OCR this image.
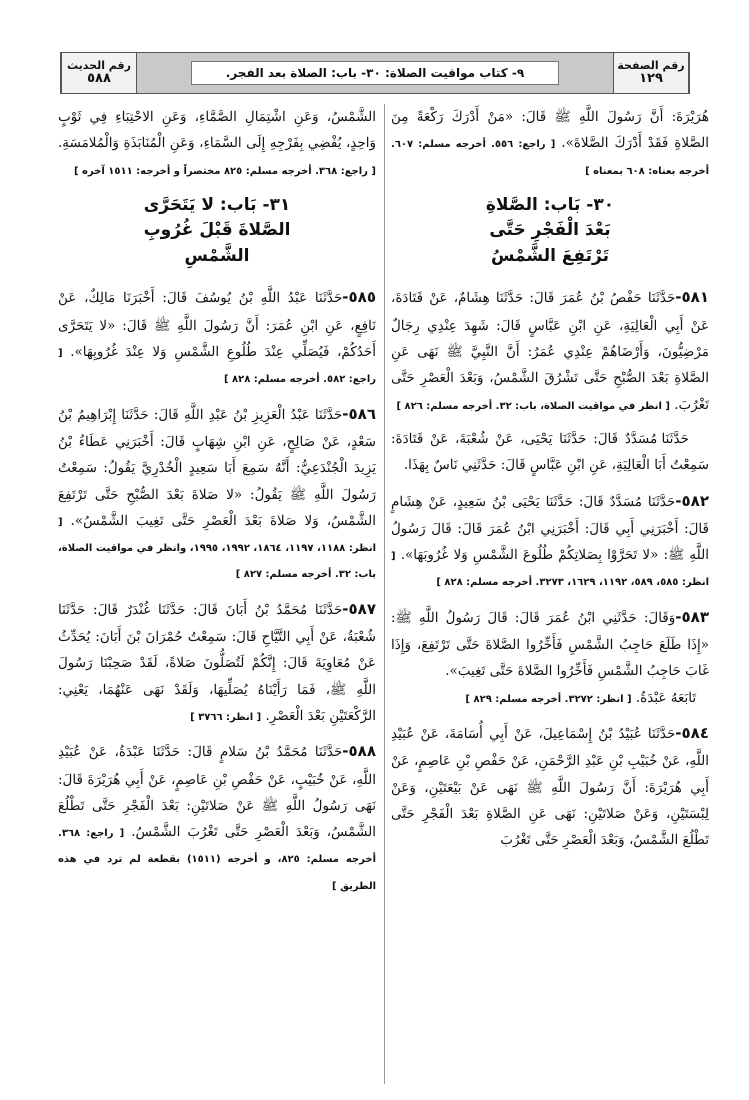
رقم الصفحة
١٢٩
٩- كتاب مواقيت الصلاة: ٣٠- باب: الصلاة بعد الفجر.
رقم الحديث
٥٨٨

هُرَيْرَةَ: أَنَّ رَسُولَ اللَّهِ ﷺ قَالَ: «مَنْ أَدْرَكَ رَكْعَةً مِنَ الصَّلاةِ فَقَدْ أَدْرَكَ الصَّلاةَ». [ راجع: ٥٥٦. أخرجه مسلم: ٦٠٧. أخرجه بعناه: ٦٠٨ بمعناه ]

٣٠- بَاب: الصَّلاةِ
بَعْدَ الْفَجْرِ حَتَّى
تَرْتَفِعَ الشَّمْسُ

٥٨١-حَدَّثَنَا حَفْصُ بْنُ عُمَرَ قَالَ: حَدَّثَنَا هِشَامٌ، عَنْ قَتَادَةَ، عَنْ أَبِي الْعَالِيَةِ، عَنِ ابْنِ عَبَّاسٍ قَالَ: شَهِدَ عِنْدِي رِجَالٌ مَرْضِيُّونَ، وَأَرْضَاهُمْ عِنْدِي عُمَرُ: أَنَّ النَّبِيَّ ﷺ نَهَى عَنِ الصَّلاةِ بَعْدَ الصُّبْحِ حَتَّى تَشْرُقَ الشَّمْسُ، وَبَعْدَ الْعَصْرِ حَتَّى تَغْرُبَ. [ انظر في مواقيت الصلاة، باب: ٣٢. أخرجه مسلم: ٨٢٦ ]

حَدَّثَنَا مُسَدَّدٌ قَالَ: حَدَّثَنَا يَحْيَى، عَنْ شُعْبَةَ، عَنْ قَتَادَةَ: سَمِعْتُ أَبَا الْعَالِيَةِ، عَنِ ابْنِ عَبَّاسٍ قَالَ: حَدَّثَنِي نَاسٌ بِهَذَا.

٥٨٢-حَدَّثَنَا مُسَدَّدٌ قَالَ: حَدَّثَنَا يَحْيَى بْنُ سَعِيدٍ، عَنْ هِشَامٍ قَالَ: أَخْبَرَنِي أَبِي قَالَ: أَخْبَرَنِي ابْنُ عُمَرَ قَالَ: قَالَ رَسُولُ اللَّهِ ﷺ: «لا تَحَرَّوْا بِصَلاتِكُمْ طُلُوعَ الشَّمْسِ وَلا غُرُوبَهَا». [ انظر: ٥٨٥، ٥٨٩، ١١٩٢، ١٦٢٩، ٣٢٧٣. أخرجه مسلم: ٨٢٨ ]

٥٨٣-وَقَالَ: حَدَّثَنِي ابْنُ عُمَرَ قَالَ: قَالَ رَسُولُ اللَّهِ ﷺ: «إِذَا طَلَعَ حَاجِبُ الشَّمْسِ فَأَخِّرُوا الصَّلاةَ حَتَّى تَرْتَفِعَ، وَإِذَا غَابَ حَاجِبُ الشَّمْسِ فَأَخِّرُوا الصَّلاةَ حَتَّى تَغِيبَ».

تَابَعَهُ عَبْدَةُ. [ انظر: ٣٢٧٢. أخرجه مسلم: ٨٢٩ ]

٥٨٤-حَدَّثَنَا عُبَيْدُ بْنُ إِسْمَاعِيلَ، عَنْ أَبِي أُسَامَةَ، عَنْ عُبَيْدِ اللَّهِ، عَنْ خُبَيْبِ بْنِ عَبْدِ الرَّحْمَنِ، عَنْ حَفْصِ بْنِ عَاصِمٍ، عَنْ أَبِي هُرَيْرَةَ: أَنَّ رَسُولَ اللَّهِ ﷺ نَهَى عَنْ بَيْعَتَيْنِ، وَعَنْ لِبْسَتَيْنِ، وَعَنْ صَلاتَيْنِ: نَهَى عَنِ الصَّلاةِ بَعْدَ الْفَجْرِ حَتَّى تَطْلُعَ الشَّمْسُ، وَبَعْدَ الْعَصْرِ حَتَّى تَغْرُبَ

الشَّمْسُ، وَعَنِ اشْتِمَالِ الصَّمَّاءِ، وَعَنِ الاحْتِبَاءِ فِي ثَوْبٍ وَاحِدٍ، يُفْضِي بِفَرْجِهِ إِلَى السَّمَاءِ، وَعَنِ الْمُنَابَذَةِ وَالْمُلامَسَةِ. [ راجع: ٣٦٨. أخرجه مسلم: ٨٢٥ مختصراً و أخرجه: ١٥١١ آخره ]

٣١- بَاب: لا يَتَحَرَّى
الصَّلاةَ قَبْلَ غُرُوبِ
الشَّمْسِ

٥٨٥-حَدَّثَنَا عَبْدُ اللَّهِ بْنُ يُوسُفَ قَالَ: أَخْبَرَنَا مَالِكٌ، عَنْ نَافِعٍ، عَنِ ابْنِ عُمَرَ: أَنَّ رَسُولَ اللَّهِ ﷺ قَالَ: «لا يَتَحَرَّى أَحَدُكُمْ، فَيُصَلِّي عِنْدَ طُلُوعِ الشَّمْسِ وَلا عِنْدَ غُرُوبِهَا». [ راجع: ٥٨٢. أخرجه مسلم: ٨٢٨ ]

٥٨٦-حَدَّثَنَا عَبْدُ الْعَزِيزِ بْنُ عَبْدِ اللَّهِ قَالَ: حَدَّثَنَا إِبْرَاهِيمُ بْنُ سَعْدٍ، عَنْ صَالِحٍ، عَنِ ابْنِ شِهَابٍ قَالَ: أَخْبَرَنِي عَطَاءُ بْنُ يَزِيدَ الْجُنْدَعِيُّ: أَنَّهُ سَمِعَ أَبَا سَعِيدٍ الْخُدْرِيَّ يَقُولُ: سَمِعْتُ رَسُولَ اللَّهِ ﷺ يَقُولُ: «لا صَلاةَ بَعْدَ الصُّبْحِ حَتَّى تَرْتَفِعَ الشَّمْسُ، وَلا صَلاةَ بَعْدَ الْعَصْرِ حَتَّى تَغِيبَ الشَّمْسُ». [ انظر: ١١٨٨، ١١٩٧، ١٨٦٤، ١٩٩٢، ١٩٩٥، وانظر في مواقيت الصلاة، باب: ٣٢. أخرجه مسلم: ٨٢٧ ]

٥٨٧-حَدَّثَنَا مُحَمَّدُ بْنُ أَبَانَ قَالَ: حَدَّثَنَا غُنْدَرٌ قَالَ: حَدَّثَنَا شُعْبَةُ، عَنْ أَبِي التَّيَّاحِ قَالَ: سَمِعْتُ حُمْرَانَ بْنَ أَبَانَ: يُحَدِّثُ عَنْ مُعَاوِيَةَ قَالَ: إِنَّكُمْ لَتُصَلُّونَ صَلاةً، لَقَدْ صَحِبْنَا رَسُولَ اللَّهِ ﷺ، فَمَا رَأَيْنَاهُ يُصَلِّيهَا، وَلَقَدْ نَهَى عَنْهُمَا، يَعْنِي: الرَّكْعَتَيْنِ بَعْدَ الْعَصْرِ. [ انظر: ٣٧٦٦ ]

٥٨٨-حَدَّثَنَا مُحَمَّدُ بْنُ سَلامٍ قَالَ: حَدَّثَنَا عَبْدَةُ، عَنْ عُبَيْدِ اللَّهِ، عَنْ خُبَيْبٍ، عَنْ حَفْصِ بْنِ عَاصِمٍ، عَنْ أَبِي هُرَيْرَةَ قَالَ: نَهَى رَسُولُ اللَّهِ ﷺ عَنْ صَلاتَيْنِ: بَعْدَ الْفَجْرِ حَتَّى تَطْلُعَ الشَّمْسُ، وَبَعْدَ الْعَصْرِ حَتَّى تَغْرُبَ الشَّمْسُ. [ راجع: ٣٦٨. أخرجه مسلم: ٨٢٥، و أخرجه (١٥١١) بقطعة لم ترد في هذه الطريق ]
